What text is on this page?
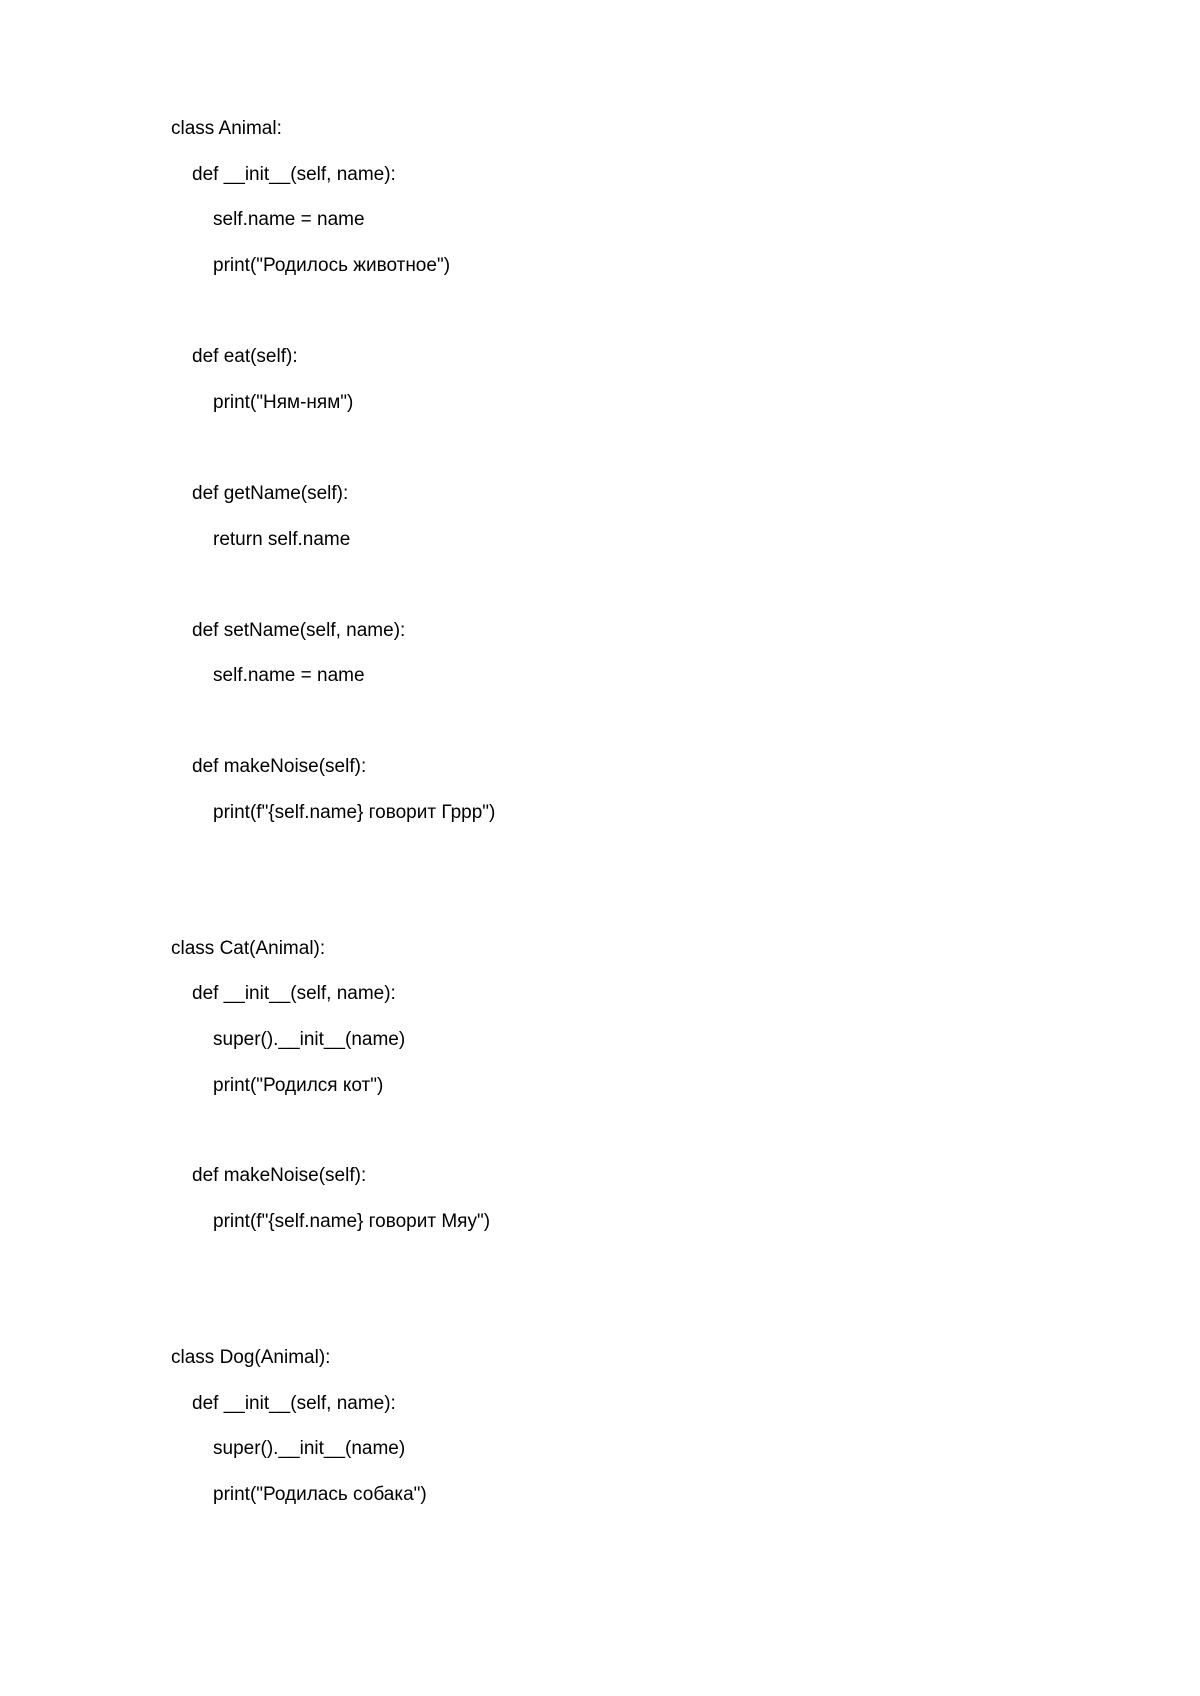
class Animal:
def __init__(self, name):
self.name = name
print("Родилось животное")
def eat(self):
print("Ням-ням")
def getName(self):
return self.name
def setName(self, name):
self.name = name
def makeNoise(self):
print(f"{self.name} говорит Гррр")
class Cat(Animal):
def __init__(self, name):
super().__init__(name)
print("Родился кот")
def makeNoise(self):
print(f"{self.name} говорит Мяу")
class Dog(Animal):
def __init__(self, name):
super().__init__(name)
print("Родилась собака")
